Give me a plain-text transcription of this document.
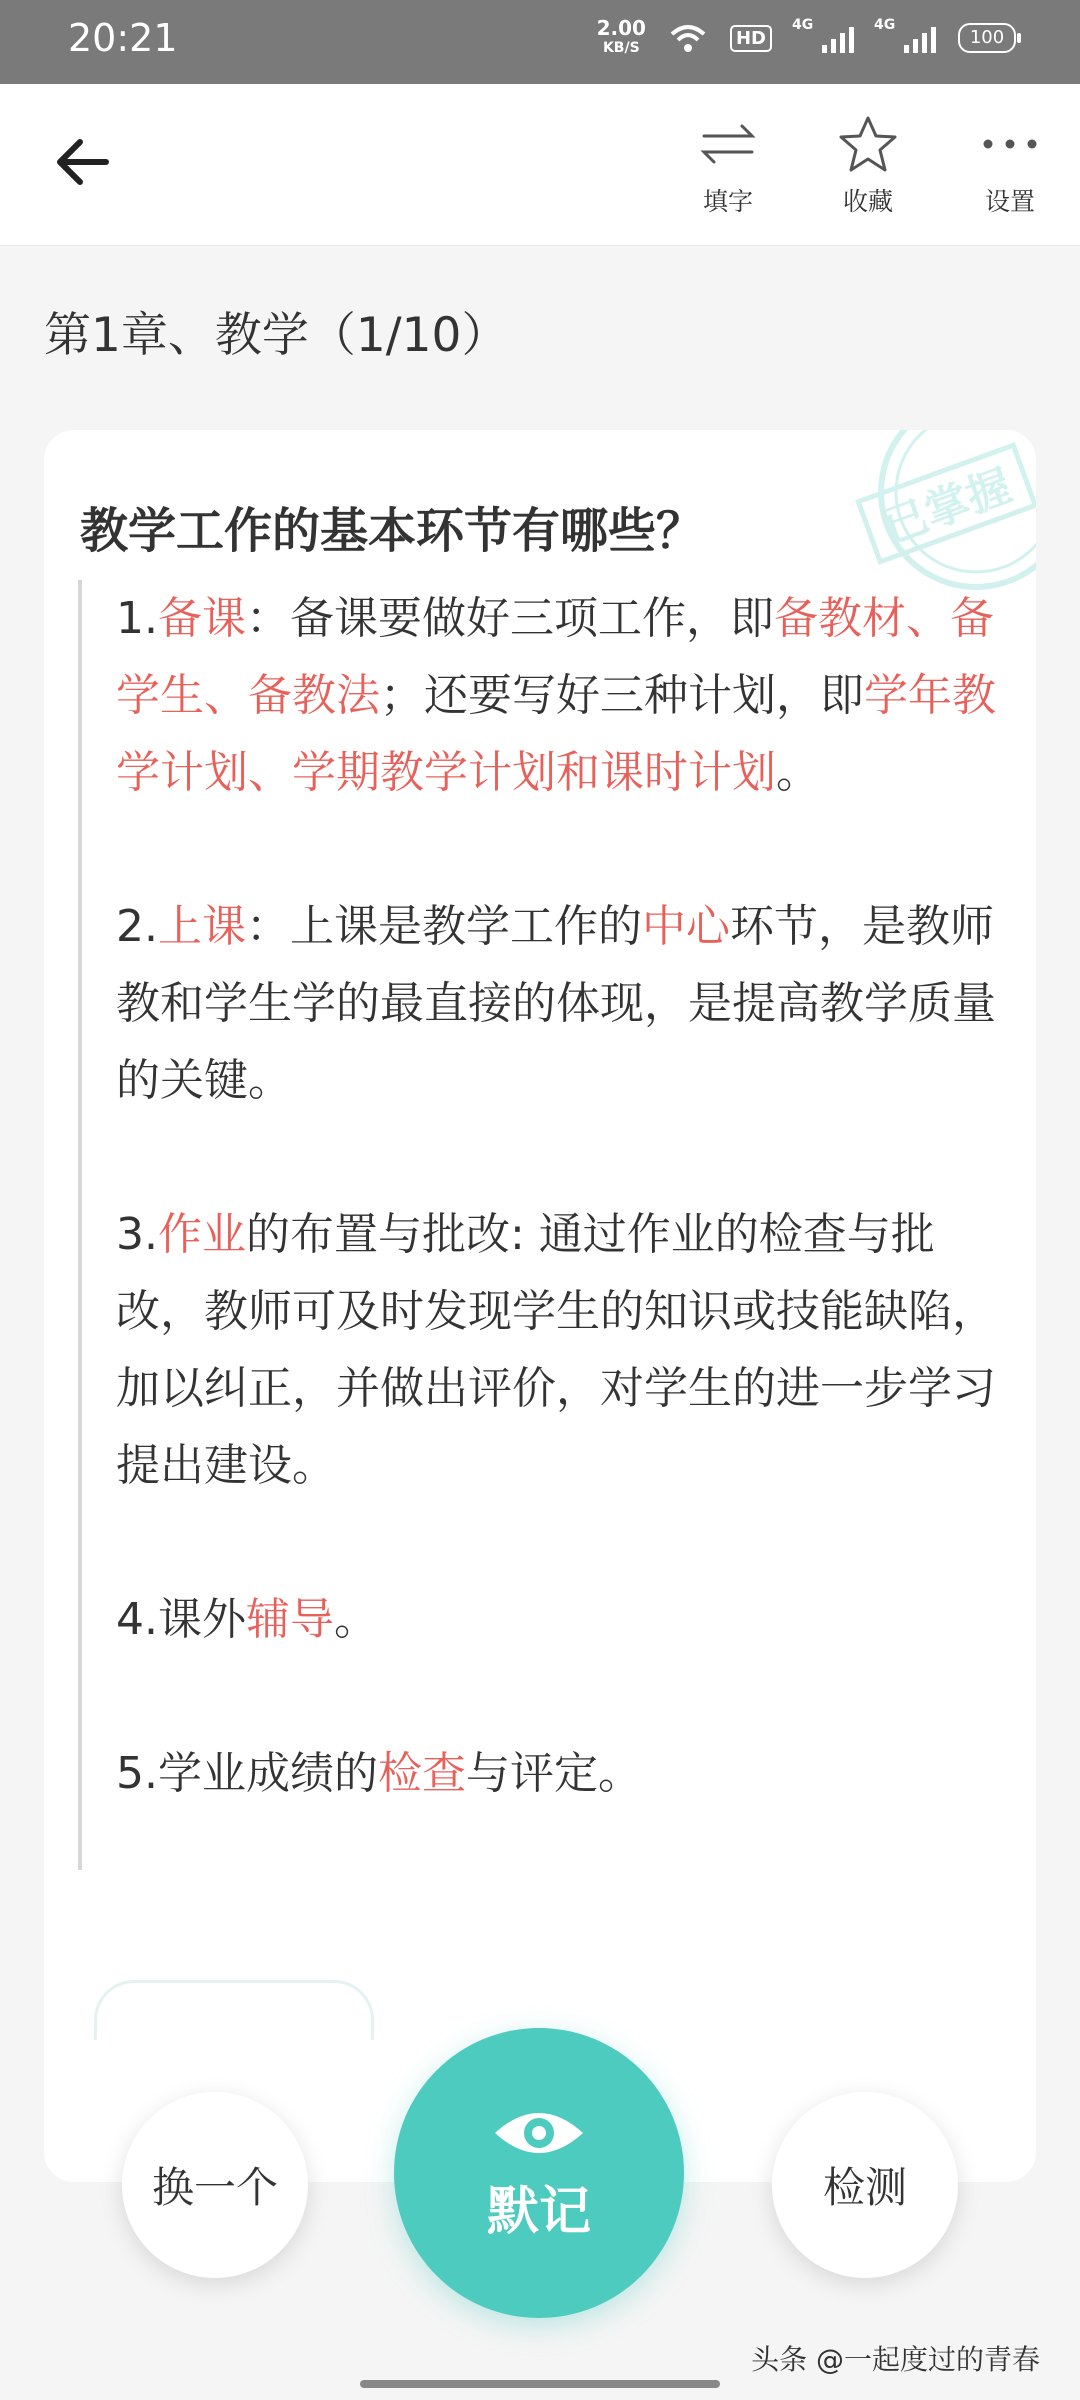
20:21	2.00
KB/S	HD
4G	4G
100
填字	收藏	设置
第1章、教学（1/10）
已掌握
教学工作的基本环节有哪些？

1.备课：备课要做好三项工作，即备教材、备学生、备教法；还要写好三种计划，即学年教学计划、学期教学计划和课时计划。

2.上课：上课是教学工作的中心环节，是教师教和学生学的最直接的体现，是提高教学质量的关键。

3.作业的布置与批改: 通过作业的检查与批改，教师可及时发现学生的知识或技能缺陷，加以纠正，并做出评价，对学生的进一步学习提出建设。

4.课外辅导。

5.学业成绩的检查与评定。

换一个	默记	检测
头条 @一起度过的青春
